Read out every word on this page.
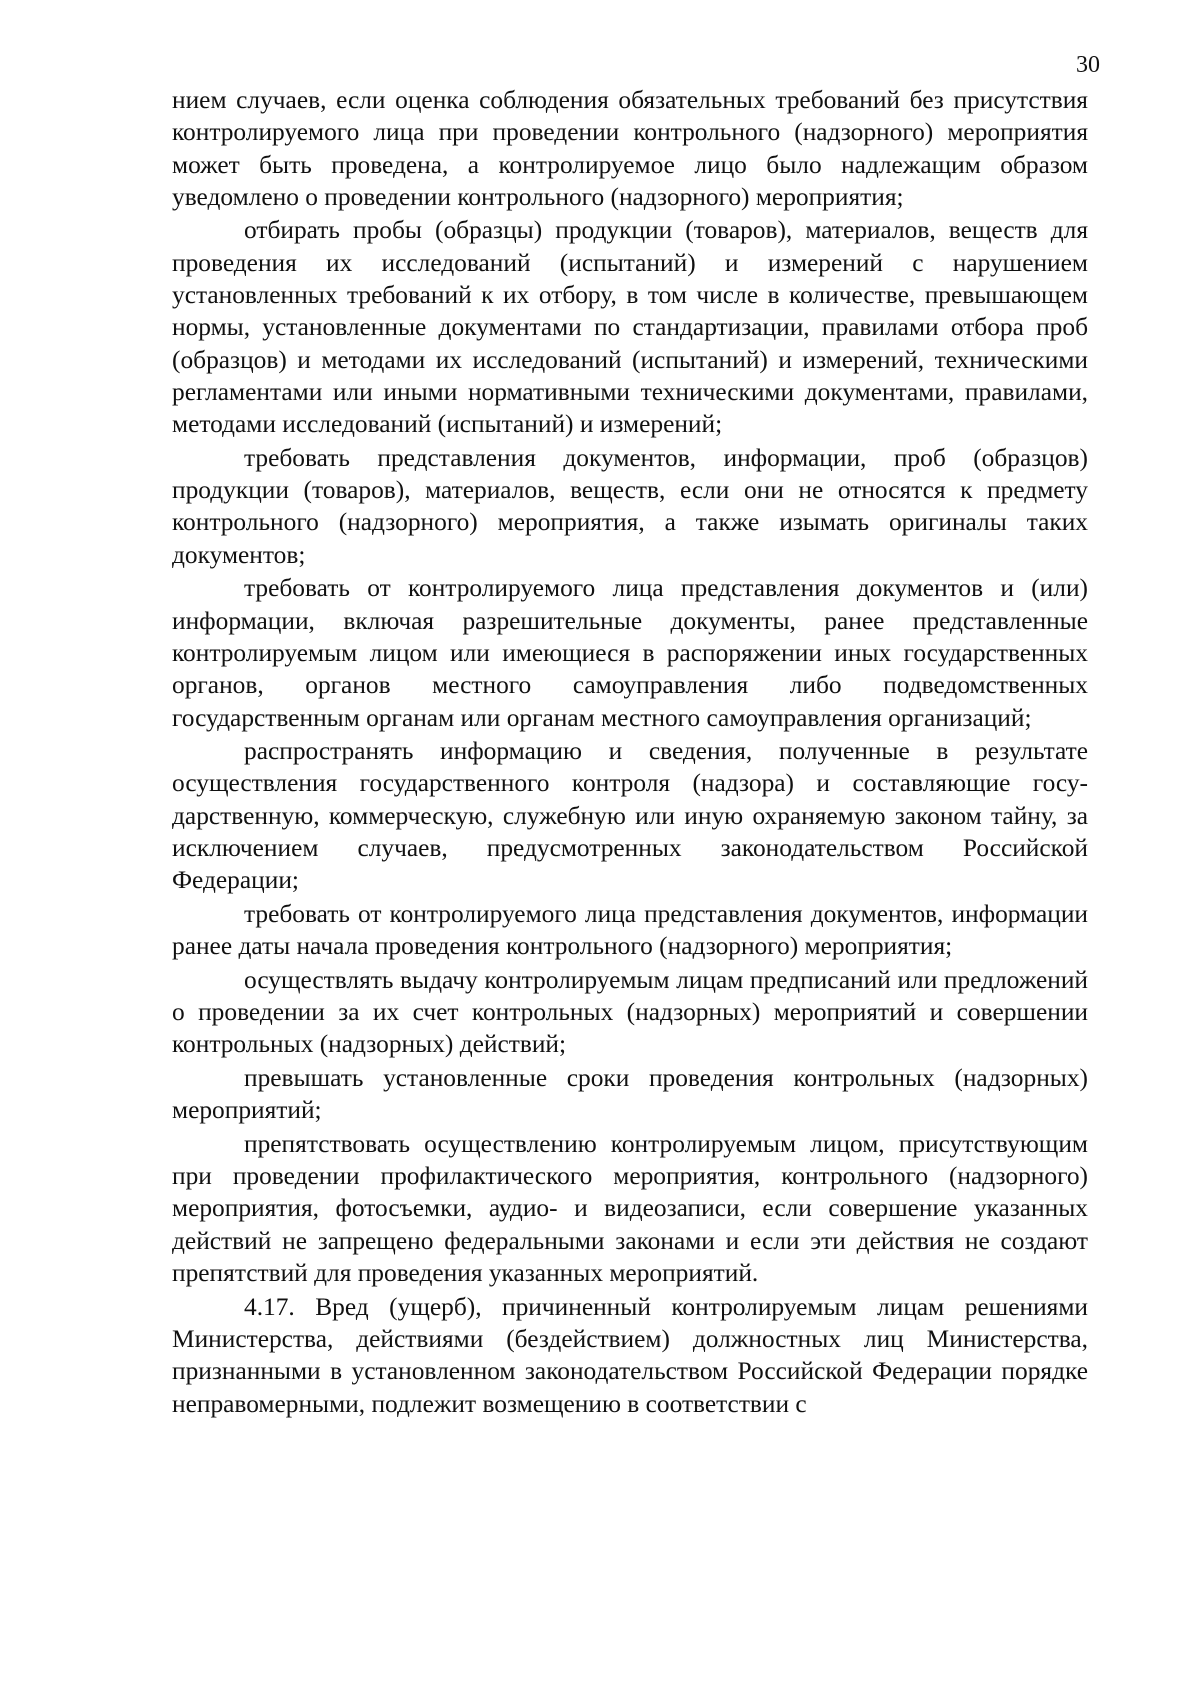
30

нием случаев, если оценка соблюдения обязательных требований без присутствия контролируемого лица при проведении контрольного (надзорного) мероприятия может быть проведена, а контролируемое лицо было надлежащим образом уведомлено о проведении контрольного (надзорного) мероприятия;

отбирать пробы (образцы) продукции (товаров), материалов, веществ для проведения их исследований (испытаний) и измерений с нарушением установленных требований к их отбору, в том числе в количестве, превышающем нормы, установленные документами по стандартизации, правилами отбора проб (образцов) и методами их исследований (испытаний) и измерений, техническими регламентами или иными нормативными техническими документами, правилами, методами исследований (испытаний) и измерений;

требовать представления документов, информации, проб (образцов) продукции (товаров), материалов, веществ, если они не относятся к предмету контрольного (надзорного) мероприятия, а также изымать оригиналы таких документов;

требовать от контролируемого лица представления документов и (или) информации, включая разрешительные документы, ранее представленные контролируемым лицом или имеющиеся в распоряжении иных государственных органов, органов местного самоуправления либо подведомственных государственным органам или органам местного самоуправления организаций;

распространять информацию и сведения, полученные в результате осуществления государственного контроля (надзора) и составляющие государственную, коммерческую, служебную или иную охраняемую законом тайну, за исключением случаев, предусмотренных законодательством Российской Федерации;

требовать от контролируемого лица представления документов, информации ранее даты начала проведения контрольного (надзорного) мероприятия;

осуществлять выдачу контролируемым лицам предписаний или предложений о проведении за их счет контрольных (надзорных) мероприятий и совершении контрольных (надзорных) действий;

превышать установленные сроки проведения контрольных (надзорных) мероприятий;

препятствовать осуществлению контролируемым лицом, присутствующим при проведении профилактического мероприятия, контрольного (надзорного) мероприятия, фотосъемки, аудио- и видеозаписи, если совершение указанных действий не запрещено федеральными законами и если эти действия не создают препятствий для проведения указанных мероприятий.

4.17. Вред (ущерб), причиненный контролируемым лицам решениями Министерства, действиями (бездействием) должностных лиц Министерства, признанными в установленном законодательством Российской Федерации порядке неправомерными, подлежит возмещению в соответствии с
